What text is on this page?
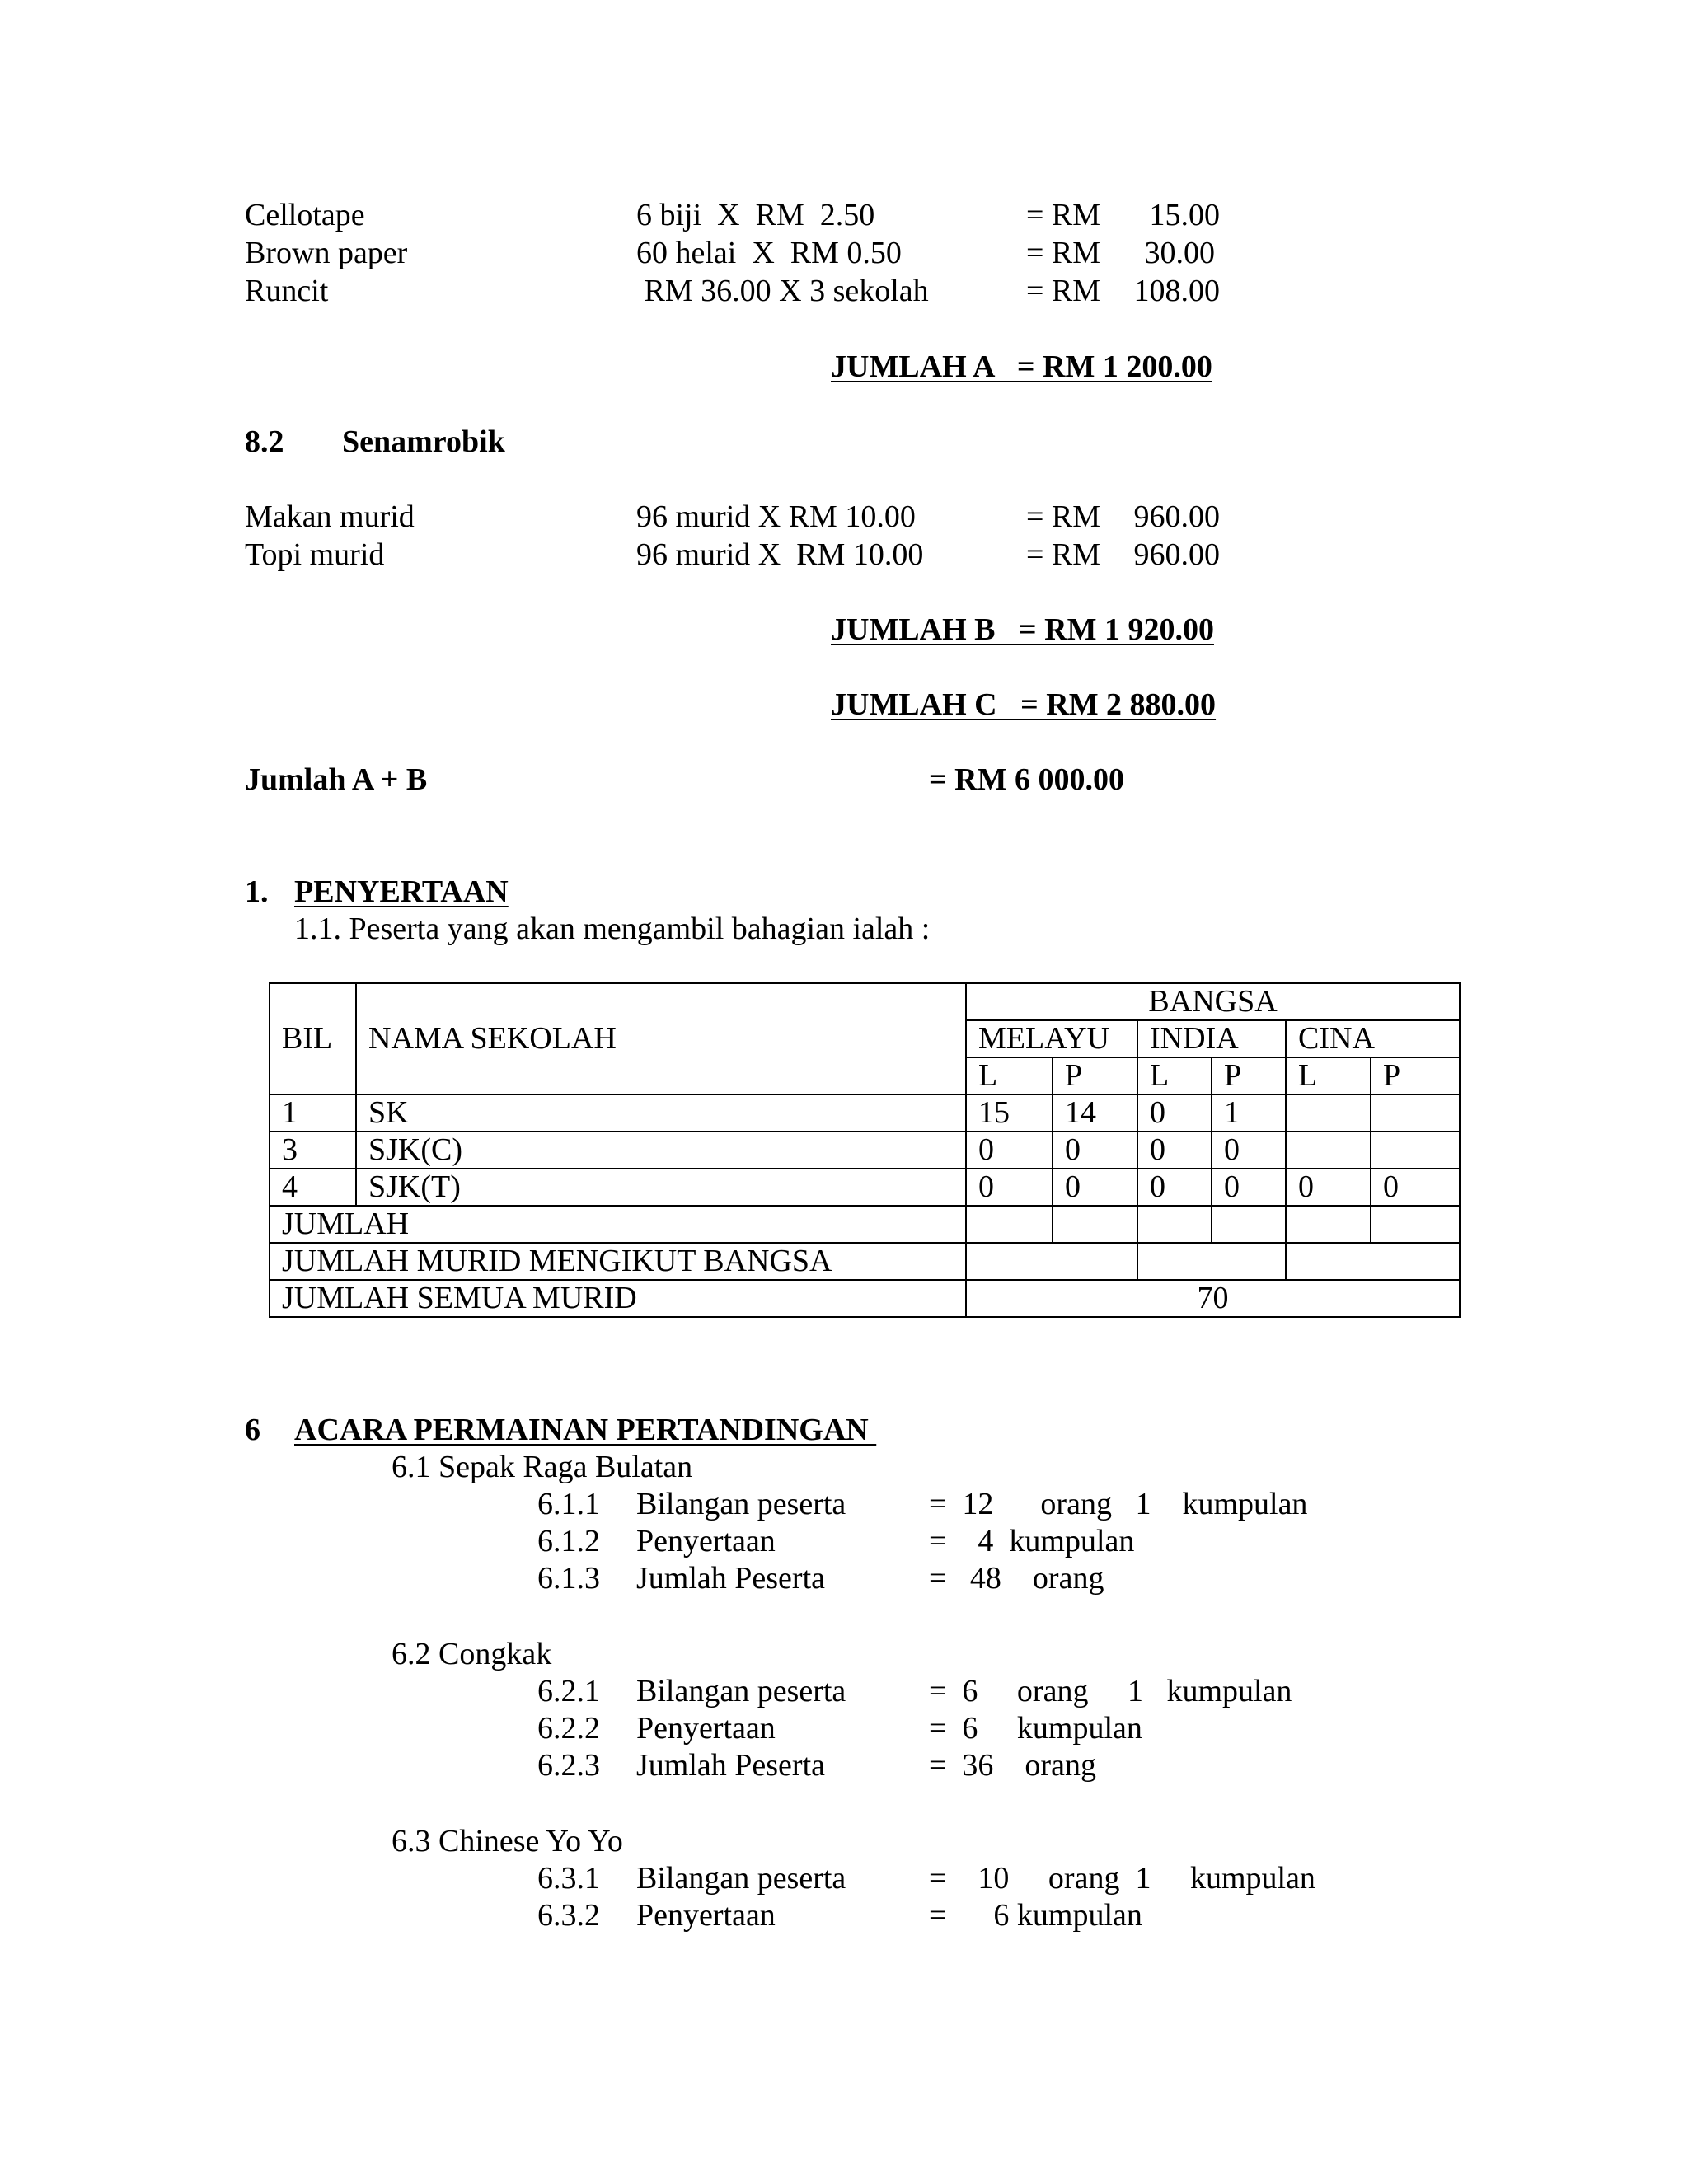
Cellotape	6 biji  X  RM  2.50	= RM	15.00
Brown paper	60 helai  X  RM 0.50	= RM	30.00
Runcit	RM 36.00 X 3 sekolah	= RM	108.00
JUMLAH A   = RM 1 200.00
8.2 Senamrobik
Makan murid	96 murid X RM 10.00	= RM	960.00
Topi murid	96 murid X  RM 10.00	= RM	960.00
JUMLAH B   = RM 1 920.00
JUMLAH C   = RM 2 880.00
Jumlah A + B	= RM 6 000.00
1. PENYERTAAN
1.1. Peserta yang akan mengambil bahagian ialah :
BIL	NAMA SEKOLAH	BANGSA					
		MELAYU		INDIA		CINA	
		L	P	L	P	L	P
1	SK	15	14	0	1		
3	SJK(C)	0	0	0	0		
4	SJK(T)	0	0	0	0	0	0
JUMLAH							
JUMLAH MURID MENGIKUT BANGSA							
JUMLAH SEMUA MURID		70					
6 ACARA PERMAINAN PERTANDINGAN
6.1 Sepak Raga Bulatan
6.1.1 Bilangan peserta	=  12      orang   1    kumpulan
6.1.2 Penyertaan	=    4  kumpulan
6.1.3 Jumlah Peserta	=   48    orang
6.2 Congkak
6.2.1 Bilangan peserta	=  6     orang     1   kumpulan
6.2.2 Penyertaan	=  6     kumpulan
6.2.3 Jumlah Peserta	=  36    orang
6.3 Chinese Yo Yo
6.3.1 Bilangan peserta	=    10     orang  1     kumpulan
6.3.2 Penyertaan	=      6 kumpulan
